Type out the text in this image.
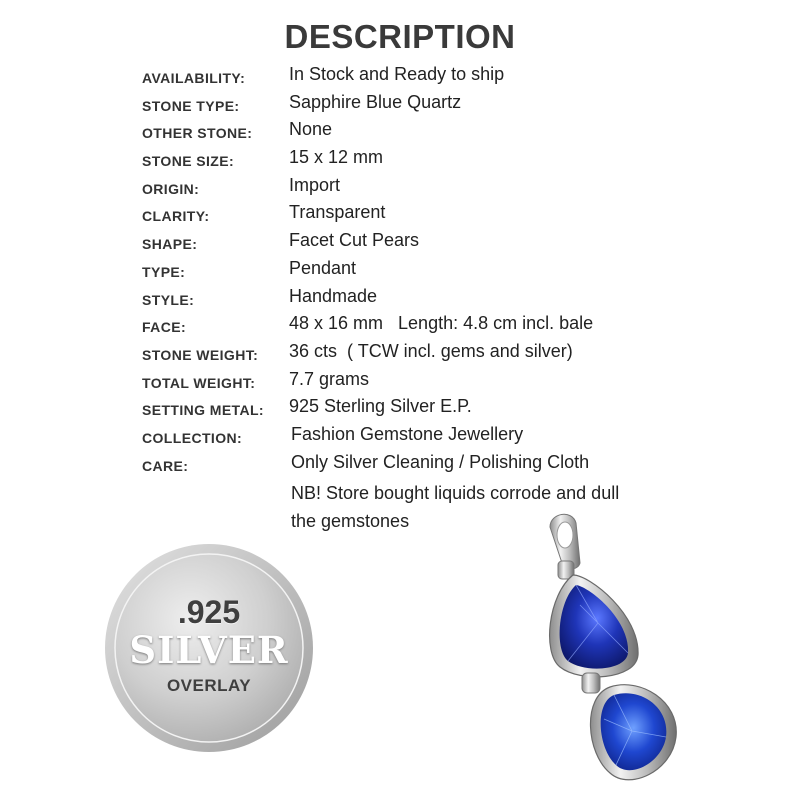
DESCRIPTION
AVAILABILITY: In Stock and Ready to ship
STONE TYPE:	Sapphire Blue Quartz
OTHER STONE: None
STONE SIZE:	15 x 12 mm
ORIGIN:	Import
CLARITY:	Transparent
SHAPE:	Facet Cut Pears
TYPE:	Pendant
STYLE:	Handmade
FACE:	48 x 16 mm   Length: 4.8 cm incl. bale
STONE WEIGHT: 36 cts  ( TCW incl. gems and silver)
TOTAL WEIGHT: 7.7 grams
SETTING METAL: 925 Sterling Silver E.P.
COLLECTION:	Fashion Gemstone Jewellery
CARE:	Only Silver Cleaning / Polishing Cloth
NB! Store bought liquids corrode and dull
the gemstones
.925
SILVER
OVERLAY
